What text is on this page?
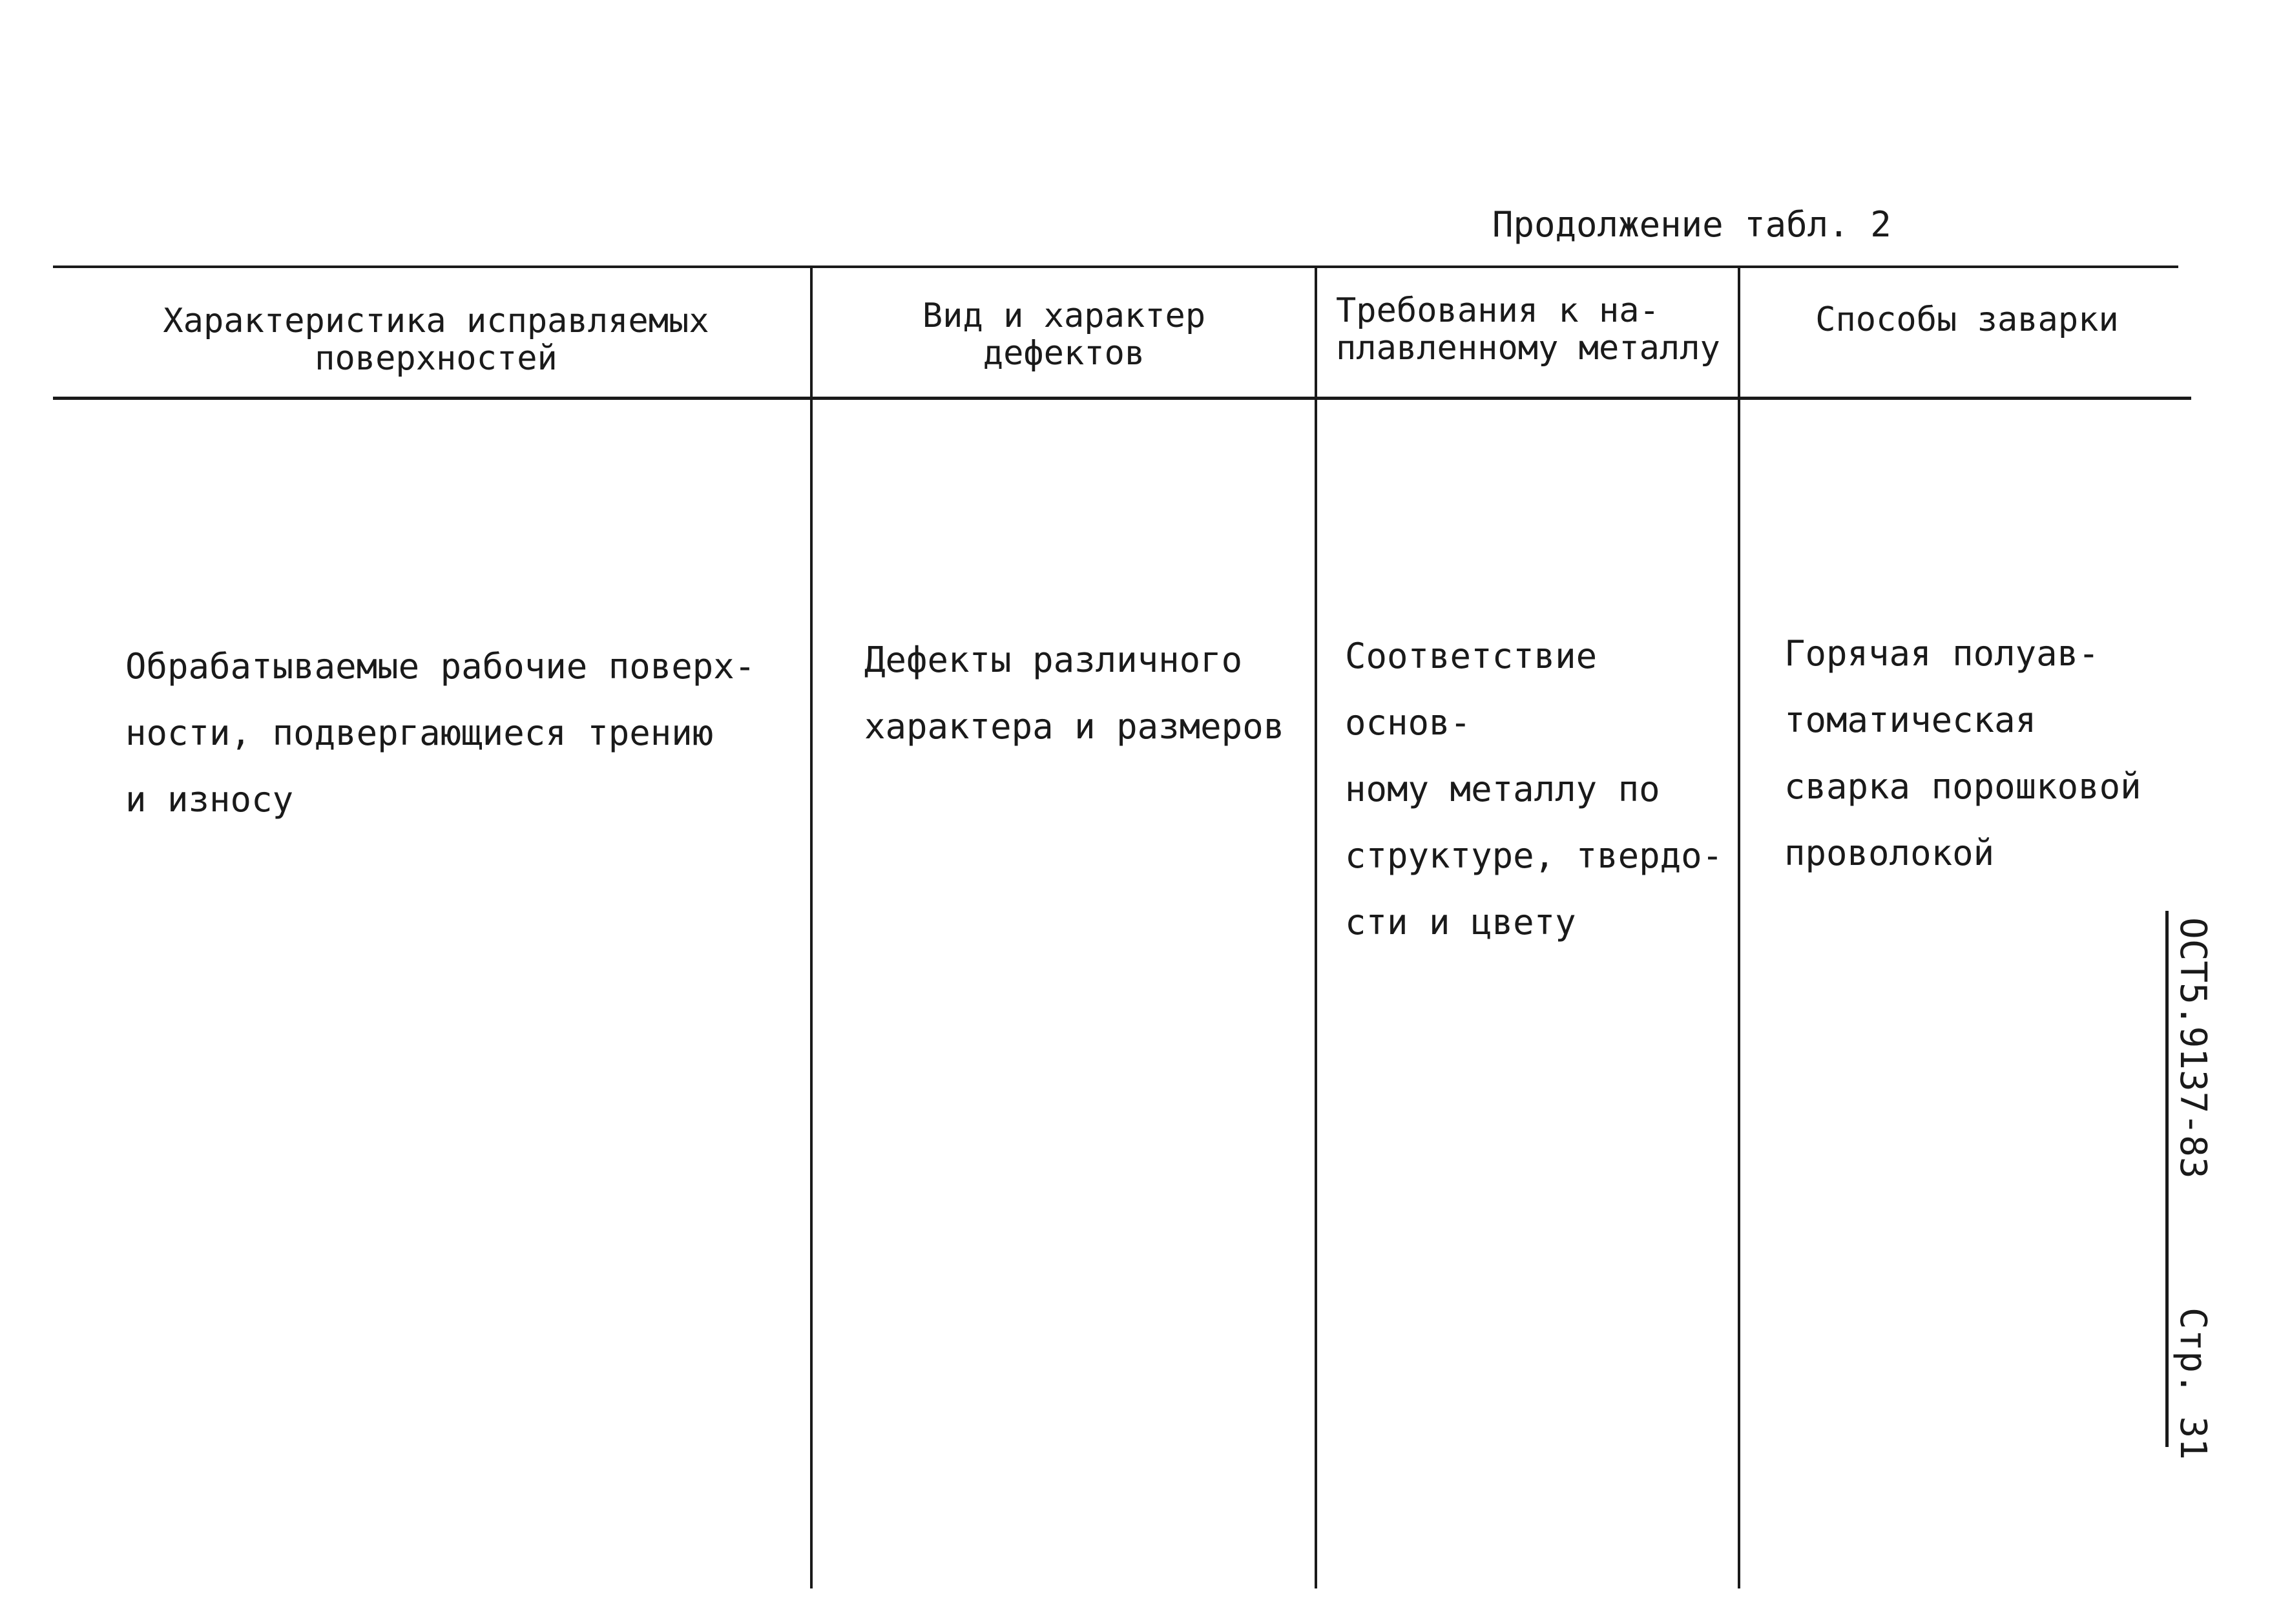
Продолжение табл. 2
Характеристика исправляемых
поверхностей
Вид и характер
дефектов
Требования к на-
плавленному металлу
Способы заварки
Обрабатываемые рабочие поверх-
ности, подвергающиеся трению
и износу
Дефекты различного
характера и размеров
Соответствие основ-
ному металлу по
структуре, твердо-
сти и цвету
Горячая полуав-
томатическая
сварка порошковой
проволокой
ОСТ5.9137-83
Стр. 31
